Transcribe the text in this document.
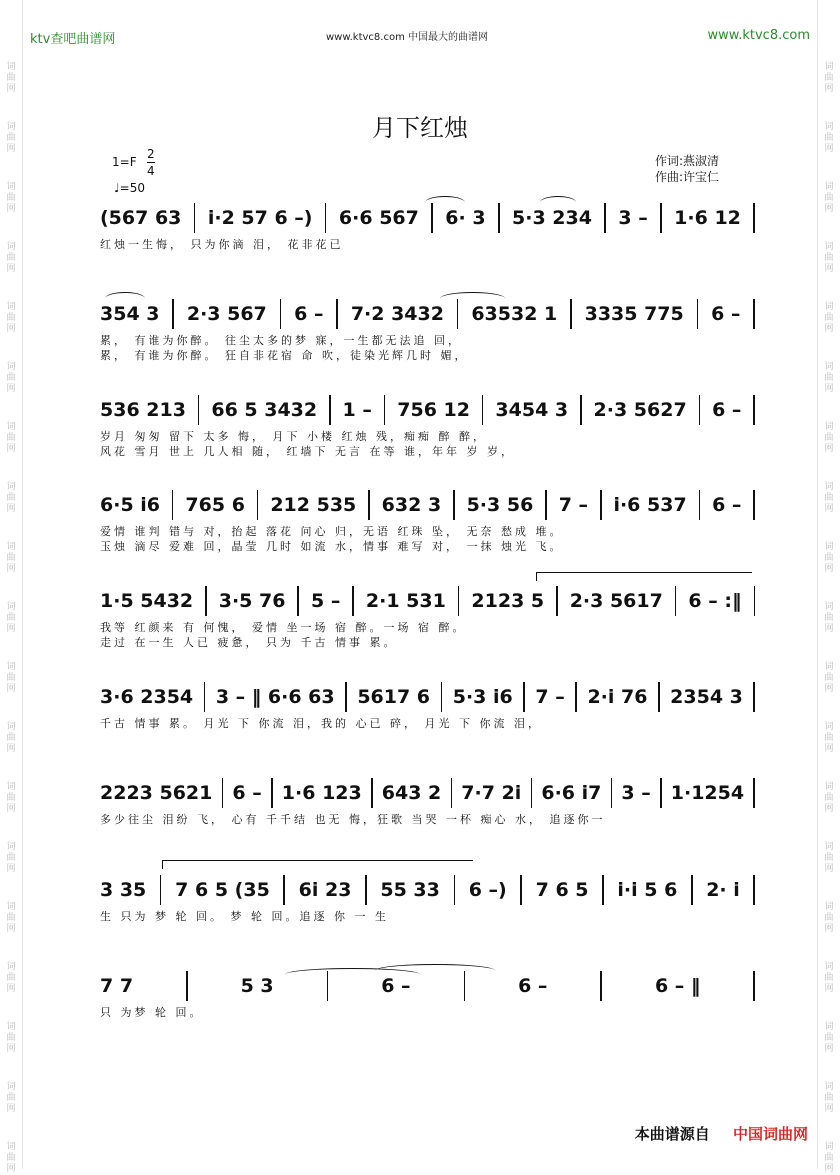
词
曲
网
词
曲
网
词
曲
网
词
曲
网
词
曲
网
词
曲
网
词
曲
网
词
曲
网
词
曲
网
词
曲
网
词
曲
网
词
曲
网
词
曲
网
词
曲
网
词
曲
网
词
曲
网
词
曲
网
词
曲
网
词
曲
网
词
曲
网
词
曲
网
词
曲
网
词
曲
网
词
曲
网
词
曲
网
词
曲
网
词
曲
网
词
曲
网
词
曲
网
词
曲
网
词
曲
网
词
曲
网
词
曲
网
词
曲
网
词
曲
网
词
曲
网
词
曲
网
词
曲
网
ktv查吧曲谱网	www.ktvc8.com 中国最大的曲谱网	www.ktvc8.com
月下红烛
1=F
2
4
♩=50
作词:燕淑清
作曲:许宝仁
(567 63 i·2 57 6 –) 6·6 567 6· 3 5·3 234 3 – 1·6 12
红烛一生悔， 只为你滴 泪， 花非花已
354 3 2·3 567 6 – 7·2 3432 63532 1 3335 775 6 –
累， 有谁为你醉。 往尘太多的梦 寐，一生都无法追 回，
累， 有谁为你醉。 狂自非花宿 命 吹，徒染光辉几时 媚，
536 213 66 5 3432 1 – 756 12 3454 3 2·3 5627 6 –
岁月 匆匆 留下 太多 悔， 月下 小楼 红烛 残，痴痴 醉 醉，
风花 雪月 世上 几人相 随， 红墙下 无言 在等 谁，年年 岁 岁，
6·5 i6 765 6 212 535 632 3 5·3 56 7 – i·6 537 6 –
爱情 谁判 错与 对，抬起 落花 问心 归，无语 红珠 坠， 无奈 愁成 堆。
玉烛 滴尽 爱难 回，晶莹 几时 如流 水，情事 难写 对， 一抹 烛光 飞。
1·5 5432 3·5 76 5 – 2·1 531 2123 5 2·3 5617 6 – :‖
我等 红颜来 有 何愧， 爱情 坐一场 宿 醉。一场 宿 醉。
走过 在一生 人已 疲惫， 只为 千古 情事 累。
3·6 2354 3 – ‖ 6·6 63 5617 6 5·3 i6 7 – 2·i 76 2354 3
千古 情事 累。 月光 下 你流 泪，我的 心已 碎， 月光 下 你流 泪，
2223 5621 6 – 1·6 123 643 2 7·7 2i 6·6 i7 3 – 1·1254
多少往尘 泪纷 飞， 心有 千千结 也无 悔，狂歌 当哭 一杯 痴心 水， 追逐你一
3 35 7 6 5 (35 6i 23 55 33 6 –) 7 6 5 i·i 5 6 2· i
生 只为 梦 轮 回。 梦 轮 回。追逐 你 一 生
7 7	5 3	6 –	6 –	6 – ‖
只 为梦 轮 回。
本曲谱源自 中国词曲网
